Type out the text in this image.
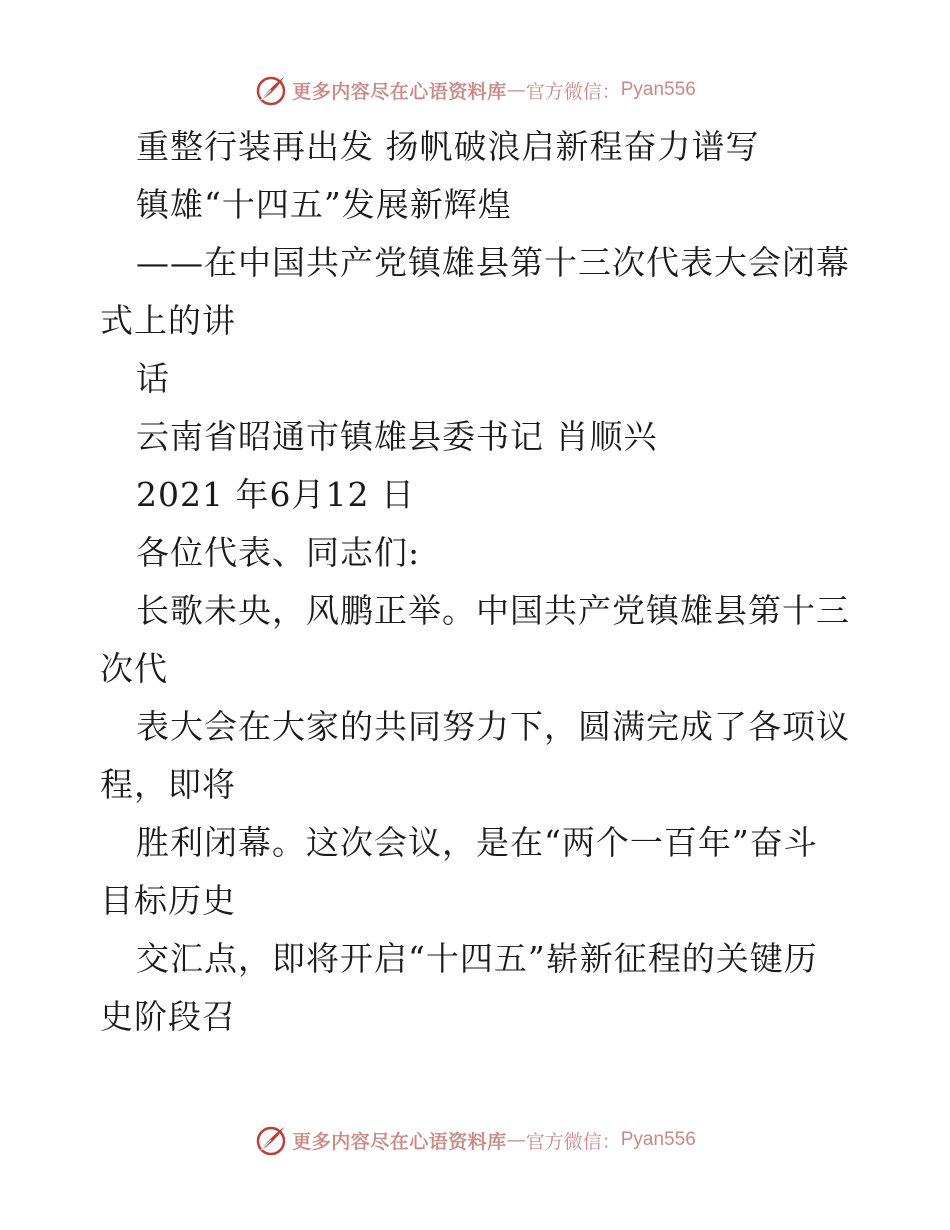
更多内容尽在心语资料库 — 官方微信： Pyan556
重整行装再出发 扬帆破浪启新程奋力谱写
镇雄“十四五”发展新辉煌
——在中国共产党镇雄县第十三次代表大会闭幕
式上的讲
话
云南省昭通市镇雄县委书记 肖顺兴
2021 年6月12 日
各位代表、同志们:
长歌未央，风鹏正举。中国共产党镇雄县第十三
次代
表大会在大家的共同努力下，圆满完成了各项议
程，即将
胜利闭幕。这次会议，是在“两个一百年”奋斗
目标历史
交汇点，即将开启“十四五”崭新征程的关键历
史阶段召
更多内容尽在心语资料库 — 官方微信： Pyan556
